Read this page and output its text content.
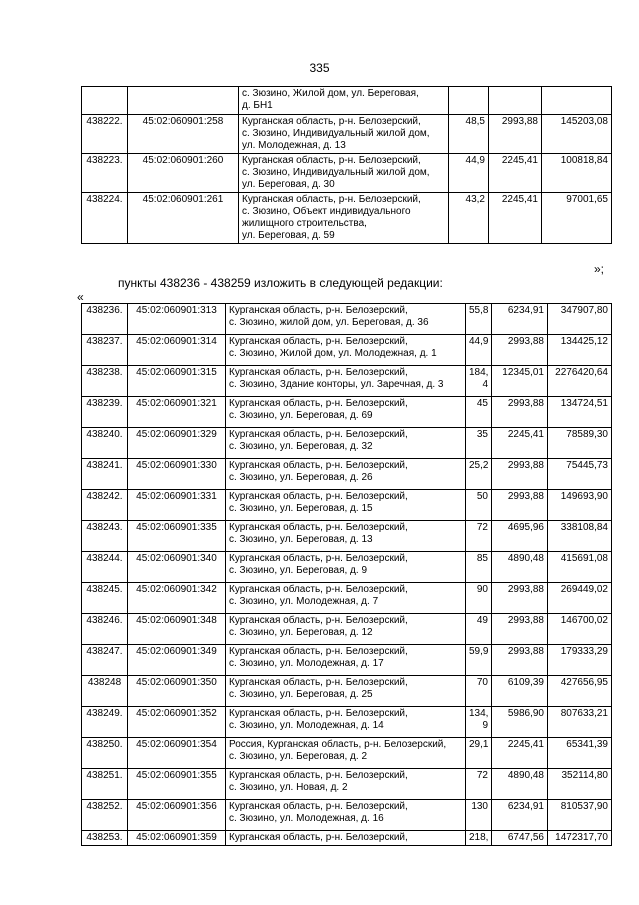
335
		с. Зюзино, Жилой дом, ул. Береговая,
д. БН1			
438222.	45:02:060901:258	Курганская область, р-н. Белозерский,
с. Зюзино, Индивидуальный жилой дом,
ул. Молодежная, д. 13	48,5	2993,88	145203,08
438223.	45:02:060901:260	Курганская область, р-н. Белозерский,
с. Зюзино, Индивидуальный жилой дом,
ул. Береговая, д. 30	44,9	2245,41	100818,84
438224.	45:02:060901:261	Курганская область, р-н. Белозерский,
с. Зюзино, Объект индивидуального
жилищного строительства,
ул. Береговая, д. 59	43,2	2245,41	97001,65
»;
пункты 438236 - 438259 изложить в следующей редакции:
«
438236.	45:02:060901:313	Курганская область, р-н. Белозерский,
с. Зюзино, жилой дом, ул. Береговая, д. 36	55,8	6234,91	347907,80
438237.	45:02:060901:314	Курганская область, р-н. Белозерский,
с. Зюзино, Жилой дом, ул. Молодежная, д. 1	44,9	2993,88	134425,12
438238.	45:02:060901:315	Курганская область, р-н. Белозерский,
с. Зюзино, Здание конторы, ул. Заречная, д. 3	184,
4	12345,01	2276420,64
438239.	45:02:060901:321	Курганская область, р-н. Белозерский,
с. Зюзино, ул. Береговая, д. 69	45	2993,88	134724,51
438240.	45:02:060901:329	Курганская область, р-н. Белозерский,
с. Зюзино, ул. Береговая, д. 32	35	2245,41	78589,30
438241.	45:02:060901:330	Курганская область, р-н. Белозерский,
с. Зюзино, ул. Береговая, д. 26	25,2	2993,88	75445,73
438242.	45:02:060901:331	Курганская область, р-н. Белозерский,
с. Зюзино, ул. Береговая, д. 15	50	2993,88	149693,90
438243.	45:02:060901:335	Курганская область, р-н. Белозерский,
с. Зюзино, ул. Береговая, д. 13	72	4695,96	338108,84
438244.	45:02:060901:340	Курганская область, р-н. Белозерский,
с. Зюзино, ул. Береговая, д. 9	85	4890,48	415691,08
438245.	45:02:060901:342	Курганская область, р-н. Белозерский,
с. Зюзино, ул. Молодежная, д. 7	90	2993,88	269449,02
438246.	45:02:060901:348	Курганская область, р-н. Белозерский,
с. Зюзино, ул. Береговая, д. 12	49	2993,88	146700,02
438247.	45:02:060901:349	Курганская область, р-н. Белозерский,
с. Зюзино, ул. Молодежная, д. 17	59,9	2993,88	179333,29
438248	45:02:060901:350	Курганская область, р-н. Белозерский,
с. Зюзино, ул. Береговая, д. 25	70	6109,39	427656,95
438249.	45:02:060901:352	Курганская область, р-н. Белозерский,
с. Зюзино, ул. Молодежная, д. 14	134,
9	5986,90	807633,21
438250.	45:02:060901:354	Россия, Курганская область, р-н. Белозерский,
с. Зюзино, ул. Береговая, д. 2	29,1	2245,41	65341,39
438251.	45:02:060901:355	Курганская область, р-н. Белозерский,
с. Зюзино, ул. Новая, д. 2	72	4890,48	352114,80
438252.	45:02:060901:356	Курганская область, р-н. Белозерский,
с. Зюзино, ул. Молодежная, д. 16	130	6234,91	810537,90
438253.	45:02:060901:359	Курганская область, р-н. Белозерский,	218,	6747,56	1472317,70
